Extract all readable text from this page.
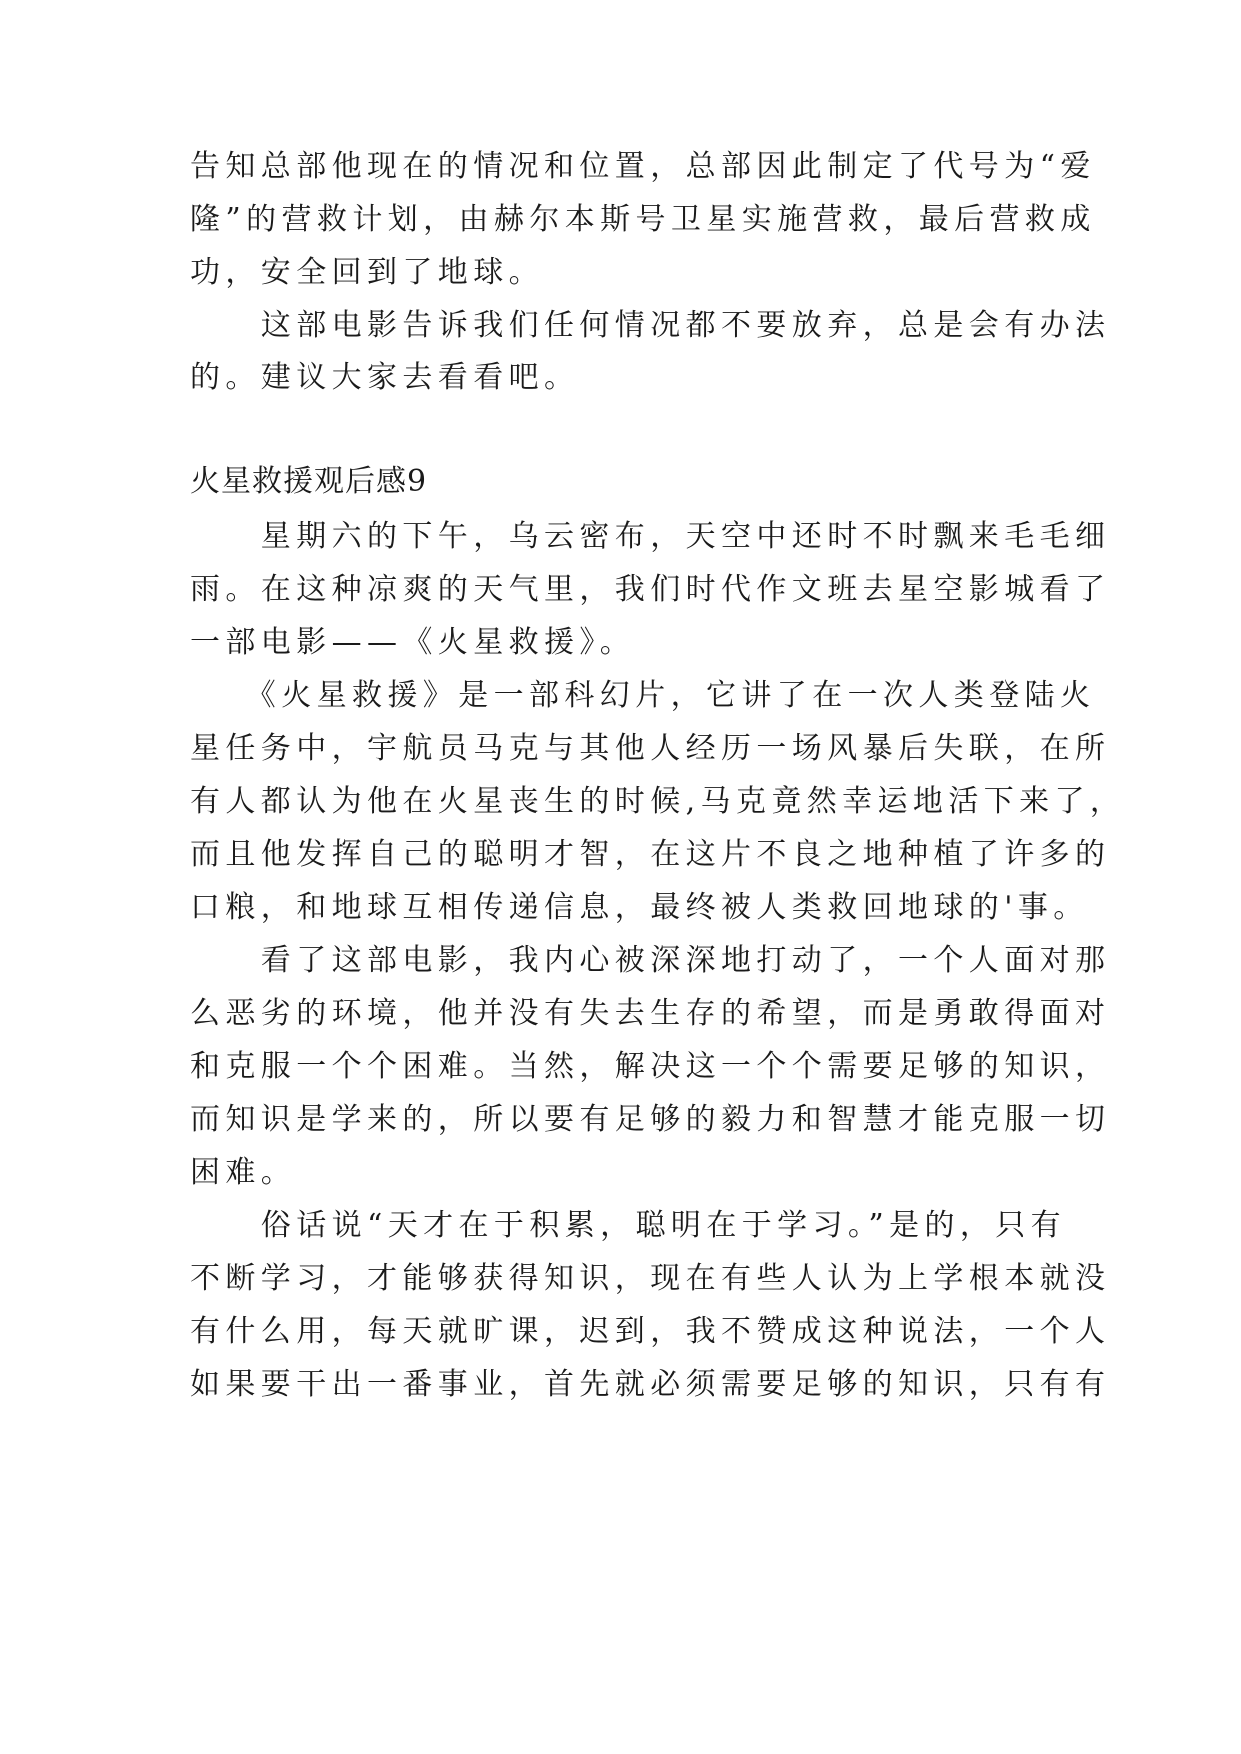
告知总部他现在的情况和位置，总部因此制定了代号为“爱
隆”的营救计划，由赫尔本斯号卫星实施营救，最后营救成
功，安全回到了地球。
　　这部电影告诉我们任何情况都不要放弃，总是会有办法
的。建议大家去看看吧。
火星救援观后感9
　　星期六的下午，乌云密布，天空中还时不时飘来毛毛细
雨。在这种凉爽的天气里，我们时代作文班去星空影城看了
一部电影——《火星救援》。
　　《火星救援》是一部科幻片，它讲了在一次人类登陆火
星任务中，宇航员马克与其他人经历一场风暴后失联，在所
有人都认为他在火星丧生的时候,马克竟然幸运地活下来了，
而且他发挥自己的聪明才智，在这片不良之地种植了许多的
口粮，和地球互相传递信息，最终被人类救回地球的'事。
　　看了这部电影，我内心被深深地打动了，一个人面对那
么恶劣的环境，他并没有失去生存的希望，而是勇敢得面对
和克服一个个困难。当然，解决这一个个需要足够的知识，
而知识是学来的，所以要有足够的毅力和智慧才能克服一切
困难。
　　俗话说“天才在于积累，聪明在于学习。”是的，只有
不断学习，才能够获得知识，现在有些人认为上学根本就没
有什么用，每天就旷课，迟到，我不赞成这种说法，一个人
如果要干出一番事业，首先就必须需要足够的知识，只有有
